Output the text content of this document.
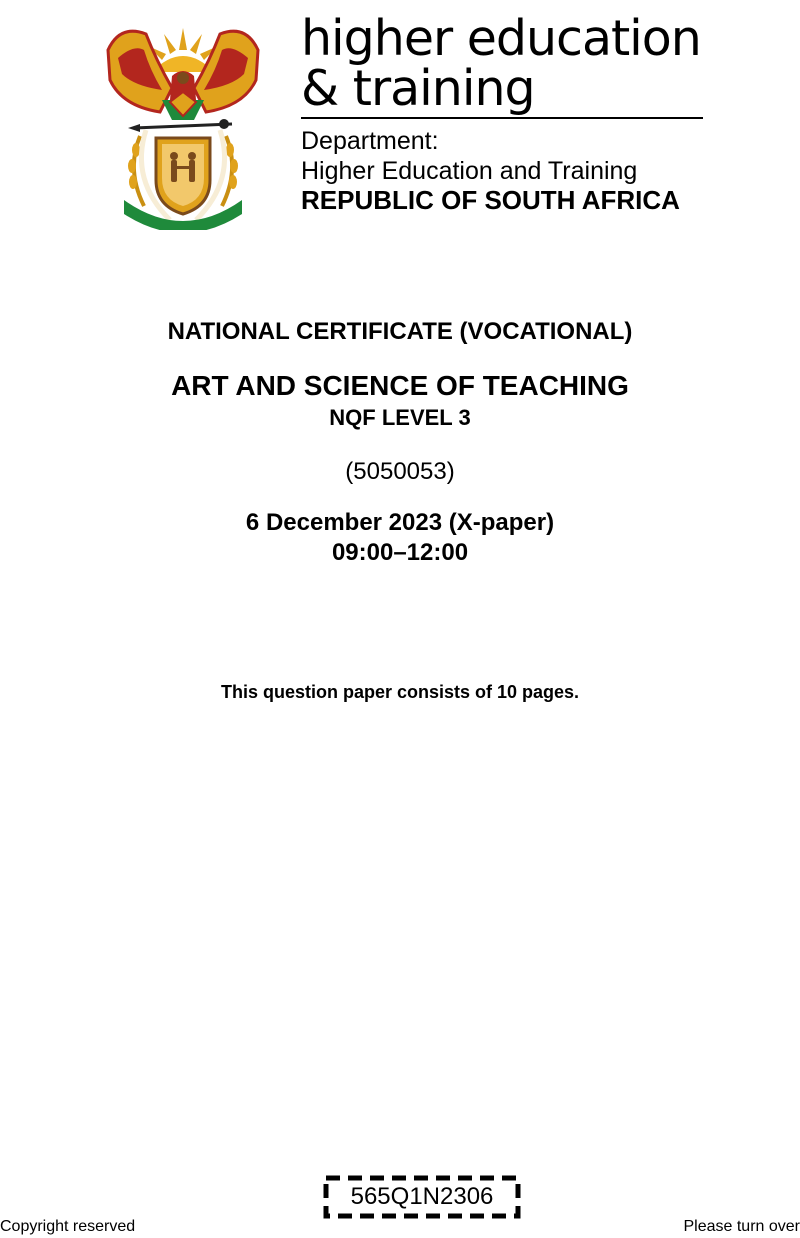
higher education
& training
Department:
Higher Education and Training
REPUBLIC OF SOUTH AFRICA
NATIONAL CERTIFICATE (VOCATIONAL)
ART AND SCIENCE OF TEACHING
NQF LEVEL 3
(5050053)
6 December 2023 (X-paper)
09:00–12:00
This question paper consists of 10 pages.
565Q1N2306
Copyright reserved	Please turn over
